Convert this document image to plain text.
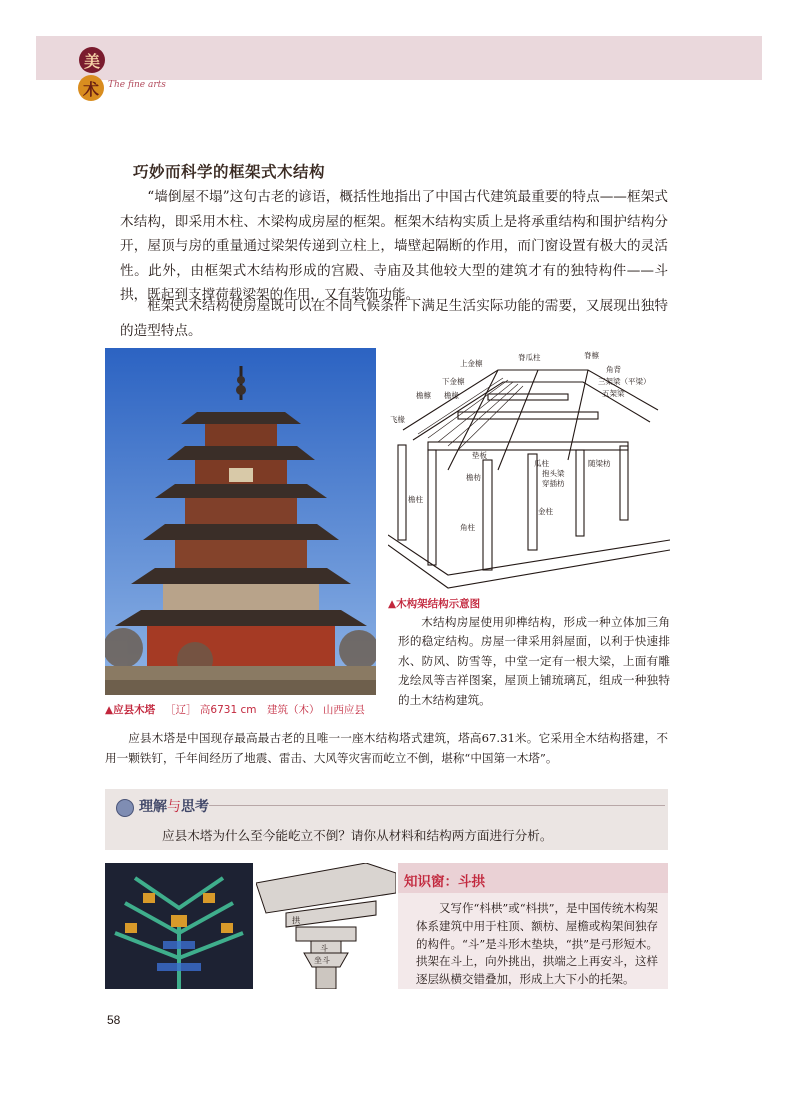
美
术	The fine arts
巧妙而科学的框架式木结构

“墙倒屋不塌”这句古老的谚语，概括性地指出了中国古代建筑最重要的特点——框架式木结构，即采用木柱、木梁构成房屋的框架。框架木结构实质上是将承重结构和围护结构分开，屋顶与房的重量通过梁架传递到立柱上，墙壁起隔断的作用，而门窗设置有极大的灵活性。此外，由框架式木结构形成的宫殿、寺庙及其他较大型的建筑才有的独特构件——斗拱，既起到支撑荷载梁架的作用，又有装饰功能。

框架式木结构使房屋既可以在不同气候条件下满足生活实际功能的需要，又展现出独特的造型特点。

脊瓜柱	脊檩
上金檩
下金檩
角背
三架梁（平梁）
五架梁
檐檩 檐椽
飞椽
垫板
瓜柱	随梁枋
抱头梁
穿插枋
檐枋
檐柱
金柱
角柱
▲木构架结构示意图

木结构房屋使用卯榫结构，形成一种立体加三角形的稳定结构。房屋一律采用斜屋面，以利于快速排水、防风、防雪等，中堂一定有一根大梁，上面有雕龙绘凤等吉祥图案，屋顶上铺琉璃瓦，组成一种独特的土木结构建筑。

▲应县木塔 ［辽］ 高6731 cm　建筑（木） 山西应县

应县木塔是中国现存最高最古老的且唯一一座木结构塔式建筑，塔高67.31米。它采用全木结构搭建，不用一颗铁钉，千年间经历了地震、雷击、大风等灾害而屹立不倒，堪称“中国第一木塔”。

理解与思考
应县木塔为什么至今能屹立不倒？请你从材料和结构两方面进行分析。
拱
斗
坐斗
知识窗：斗拱

又写作“枓栱”或“枓拱”，是中国传统木构架体系建筑中用于柱顶、额枋、屋檐或构架间独存的构件。“斗”是斗形木垫块，“拱”是弓形短木。拱架在斗上，向外挑出，拱端之上再安斗，这样逐层纵横交错叠加，形成上大下小的托架。

58
